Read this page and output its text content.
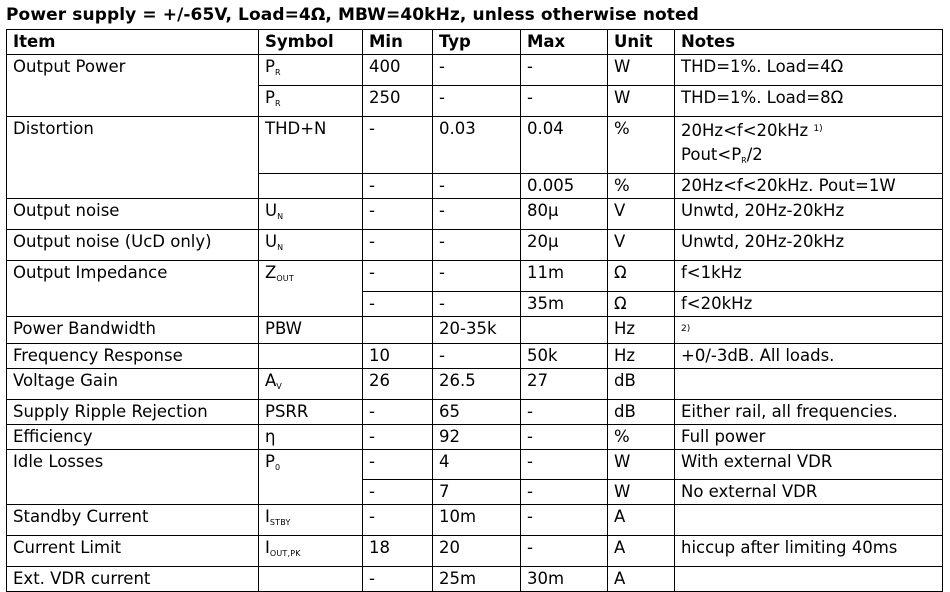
Power supply = +/-65V, Load=4Ω, MBW=40kHz, unless otherwise noted
Item	Symbol	Min	Typ	Max	Unit	Notes
Output Power	$P_R$	400	-	-	W	THD=1%. Load=4Ω
	$P_R$	250	-	-	W	THD=1%. Load=8Ω
Distortion	THD+N	-	0.03	0.04	%	20Hz<f<20kHz $^{1)}$
$Pout<P_R/2$

		-	-	0.005	%	20Hz<f<20kHz. Pout=1W
Output noise	$U_N$	-	-	80μ	V	Unwtd, 20Hz-20kHz
Output noise (UcD only)	$U_N$	-	-	20μ	V	Unwtd, 20Hz-20kHz
Output Impedance	$Z_{OUT}$	-	-	11m	Ω	f<1kHz
		-	-	35m	Ω	f<20kHz
Power Bandwidth	PBW		20-35k		Hz	$^{2)}$
Frequency Response		10	-	50k	Hz	+0/-3dB. All loads.
Voltage Gain	$A_V$	26	26.5	27	dB	
Supply Ripple Rejection	PSRR	-	65	-	dB	Either rail, all frequencies.
Efficiency	η	-	92	-	%	Full power
Idle Losses	$P_0$	-	4	-	W	With external VDR
		-	7	-	W	No external VDR
Standby Current	$I_{STBY}$	-	10m	-	A	
Current Limit	$I_{OUT,PK}$	18	20	-	A	hiccup after limiting 40ms
Ext. VDR current		-	25m	30m	A	
